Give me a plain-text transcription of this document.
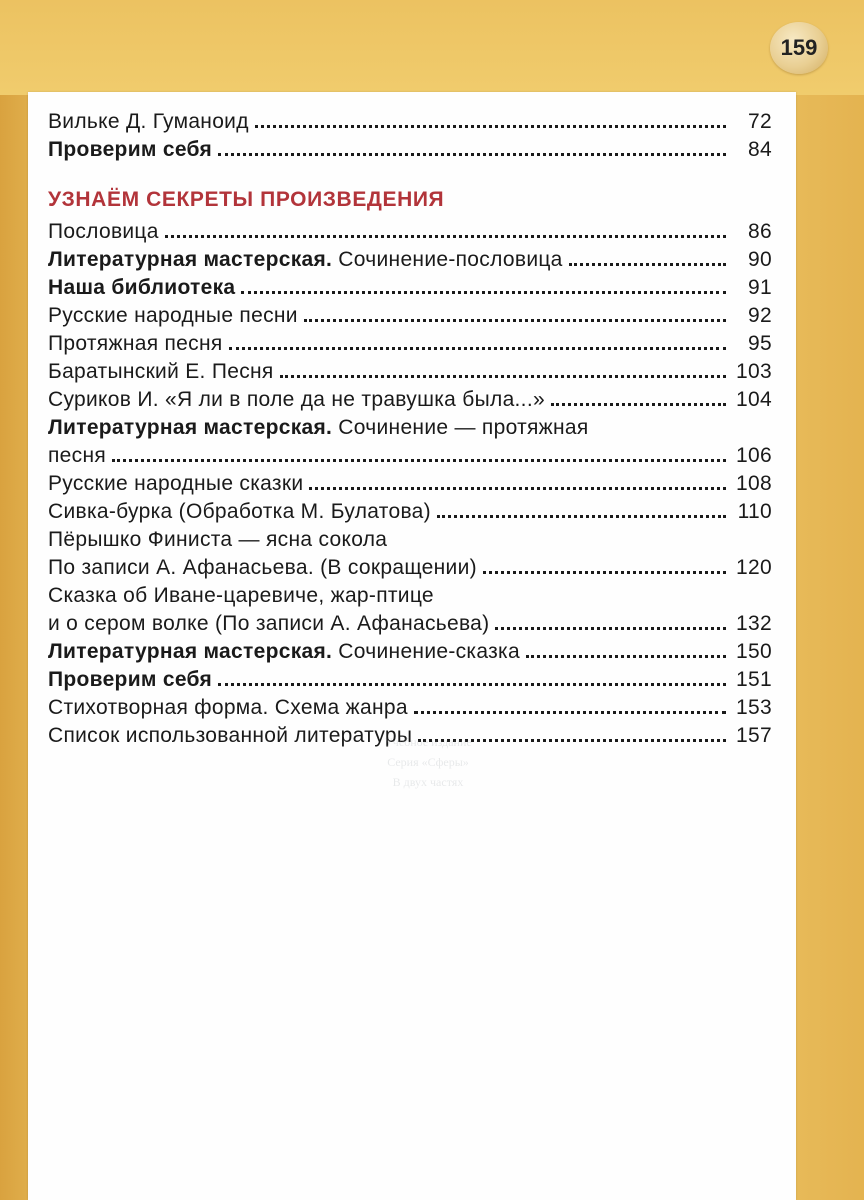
159
УЗНАЁМ СЕКРЕТЫ ПРОИЗВЕДЕНИЯ
Вильке Д. Гуманоид	72
Проверим себя	84
Пословица	86
Литературная мастерская. Сочинение-пословица	90
Наша библиотека	91
Русские народные песни	92
Протяжная песня	95
Баратынский Е. Песня	103
Суриков И. «Я ли в поле да не травушка была...»	104
Литературная мастерская. Сочинение — протяжная
песня	106
Русские народные сказки	108
Сивка-бурка (Обработка М. Булатова)	110
Пёрышко Финиста — ясна сокола
По записи А. Афанасьева. (В сокращении)	120
Сказка об Иване-царевиче, жар-птице
и о сером волке (По записи А. Афанасьева)	132
Литературная мастерская. Сочинение-сказка	150
Проверим себя	151
Стихотворная форма. Схема жанра	153
Список использованной литературы	157
Учебное издание
Серия «Сферы»
В двух частях
